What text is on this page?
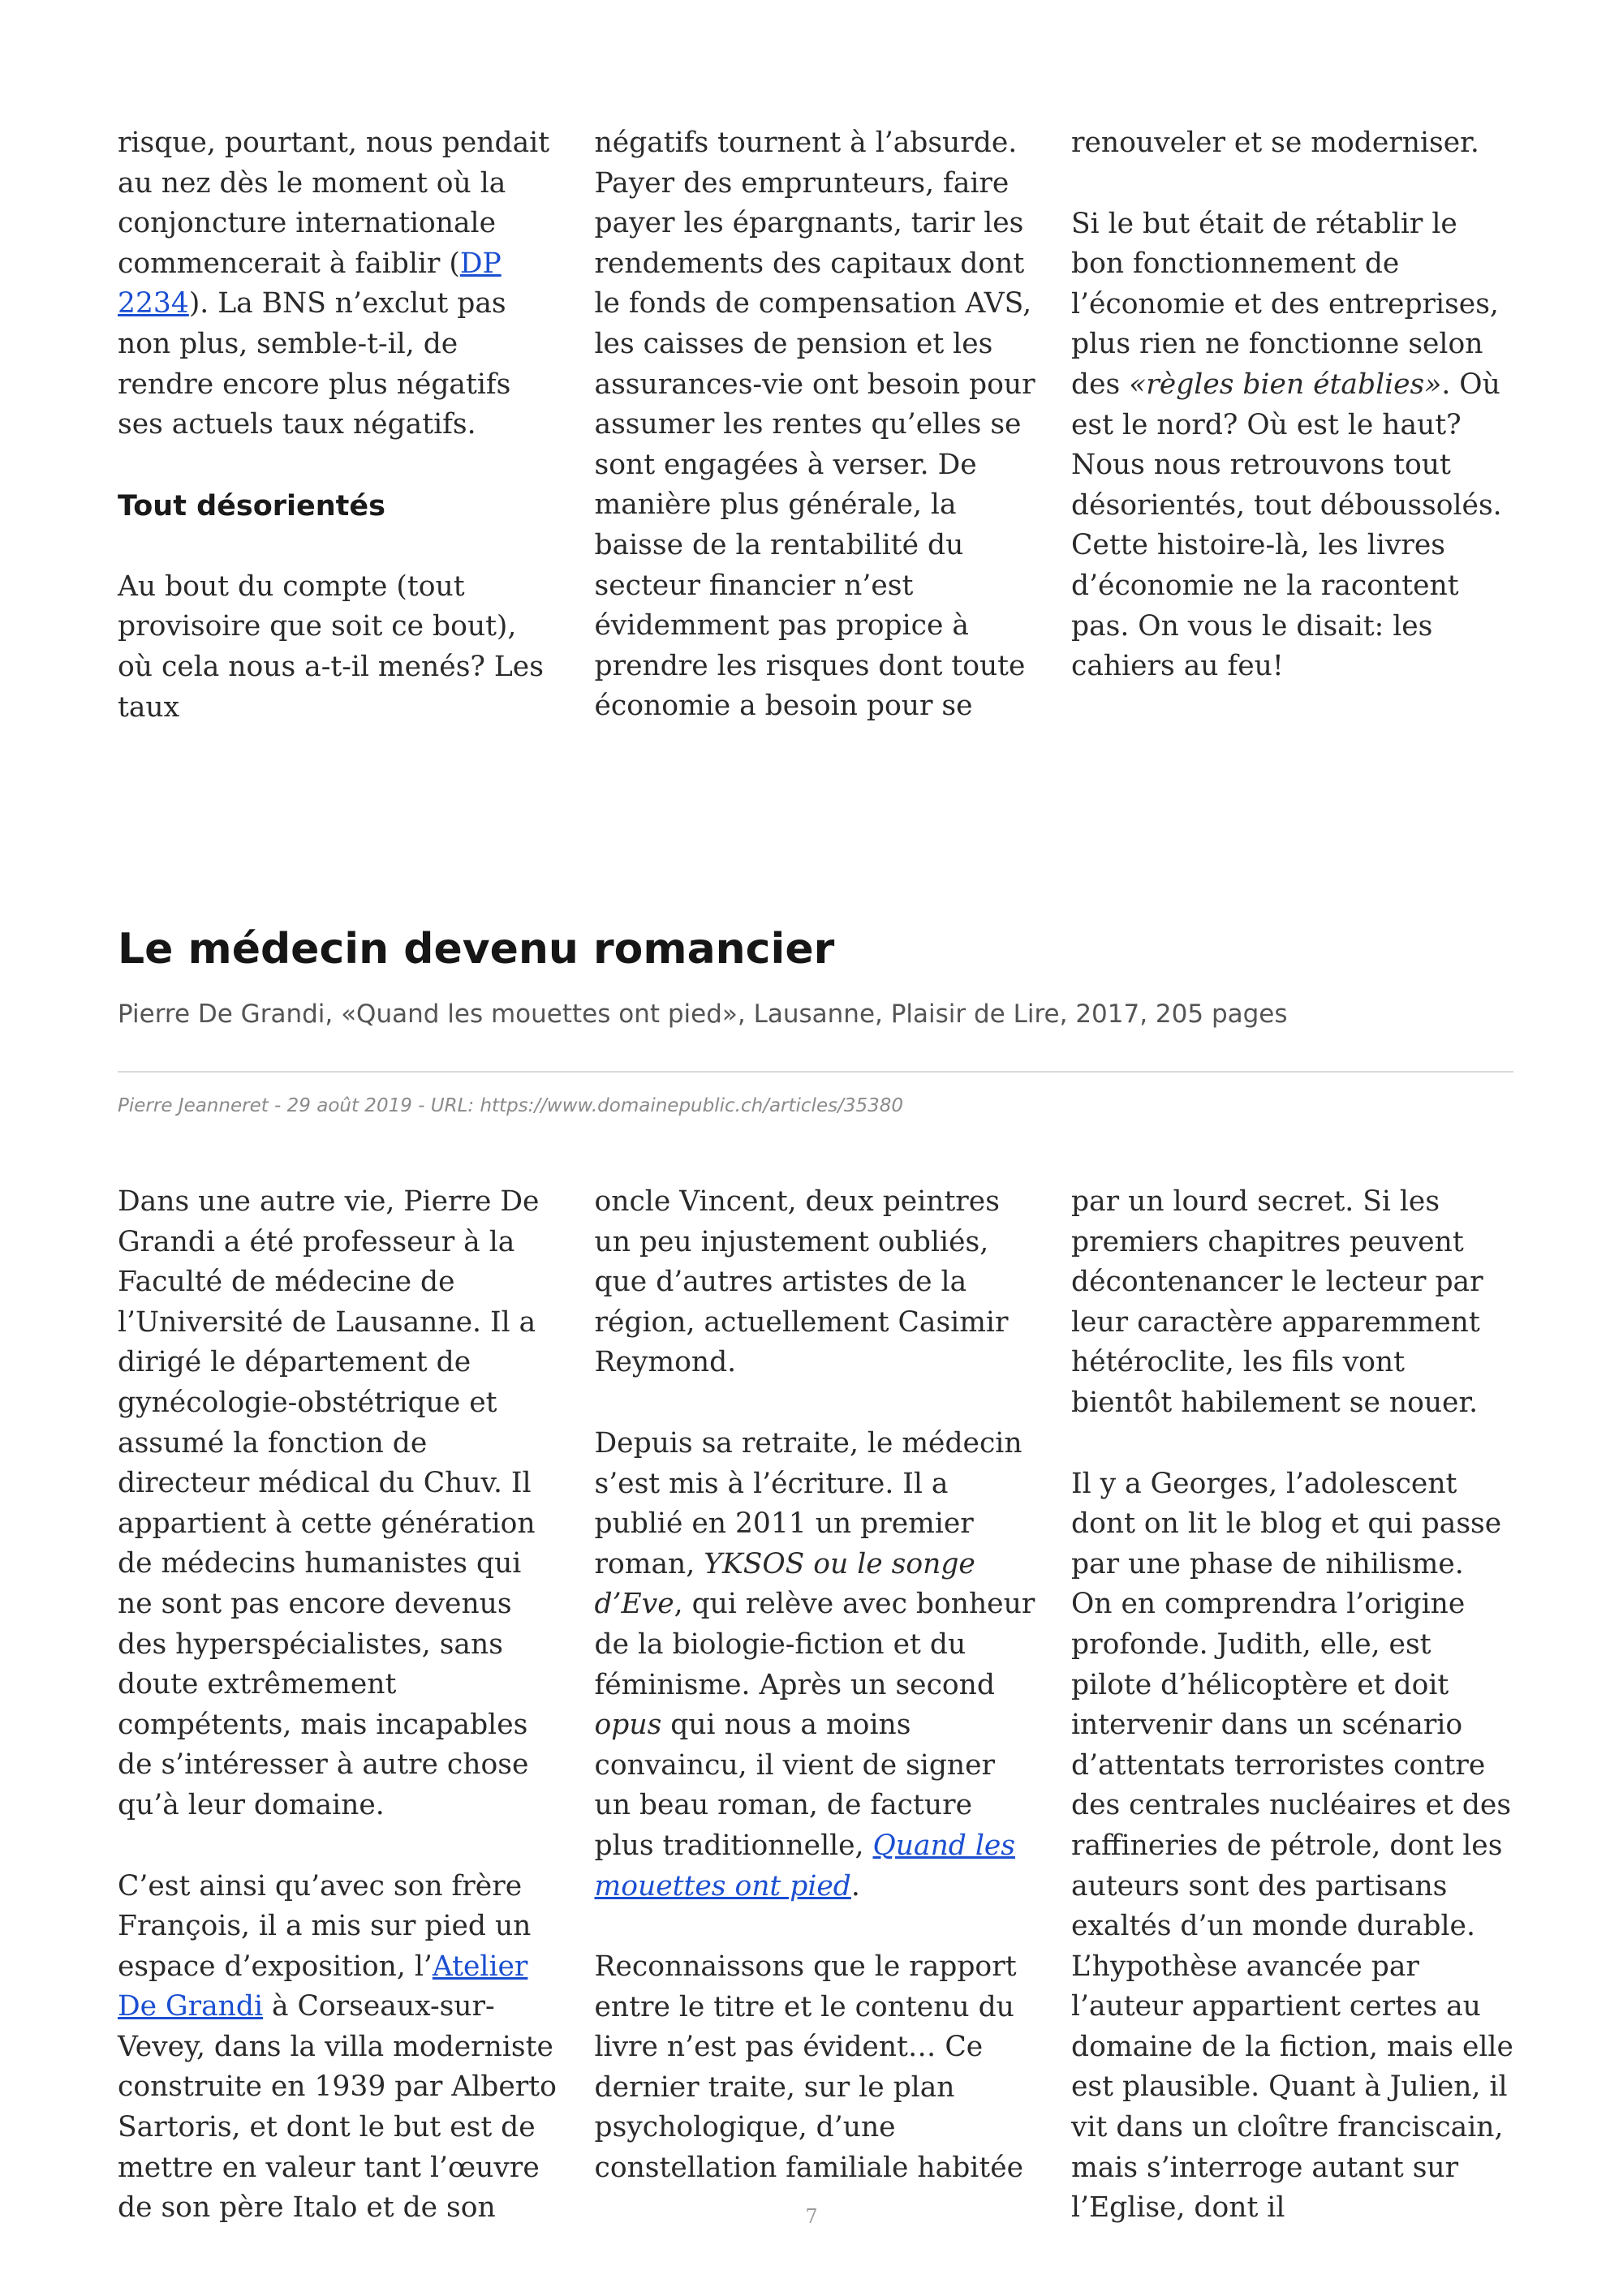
risque, pourtant, nous pendait au nez dès le moment où la conjoncture internationale commencerait à faiblir (DP 2234). La BNS n’exclut pas non plus, semble-t-il, de rendre encore plus négatifs ses actuels taux négatifs.

Tout désorientés

Au bout du compte (tout provisoire que soit ce bout), où cela nous a-t-il menés? Les taux

négatifs tournent à l’absurde. Payer des emprunteurs, faire payer les épargnants, tarir les rendements des capitaux dont le fonds de compensation AVS, les caisses de pension et les assurances-vie ont besoin pour assumer les rentes qu’elles se sont engagées à verser. De manière plus générale, la baisse de la rentabilité du secteur financier n’est évidemment pas propice à prendre les risques dont toute économie a besoin pour se

renouveler et se moderniser.

Si le but était de rétablir le bon fonctionnement de l’économie et des entreprises, plus rien ne fonctionne selon des «règles bien établies». Où est le nord? Où est le haut? Nous nous retrouvons tout désorientés, tout déboussolés. Cette histoire-là, les livres d’économie ne la racontent pas. On vous le disait: les cahiers au feu!

Le médecin devenu romancier
Pierre De Grandi, «Quand les mouettes ont pied», Lausanne, Plaisir de Lire, 2017, 205 pages
Pierre Jeanneret - 29 août 2019 - URL: https://www.domainepublic.ch/articles/35380

Dans une autre vie, Pierre De Grandi a été professeur à la Faculté de médecine de l’Université de Lausanne. Il a dirigé le département de gynécologie-obstétrique et assumé la fonction de directeur médical du Chuv. Il appartient à cette génération de médecins humanistes qui ne sont pas encore devenus des hyperspécialistes, sans doute extrêmement compétents, mais incapables de s’intéresser à autre chose qu’à leur domaine.

C’est ainsi qu’avec son frère François, il a mis sur pied un espace d’exposition, l’Atelier De Grandi à Corseaux-sur-Vevey, dans la villa moderniste construite en 1939 par Alberto Sartoris, et dont le but est de mettre en valeur tant l’œuvre de son père Italo et de son

oncle Vincent, deux peintres un peu injustement oubliés, que d’autres artistes de la région, actuellement Casimir Reymond.

Depuis sa retraite, le médecin s’est mis à l’écriture. Il a publié en 2011 un premier roman, YKSOS ou le songe d’Eve, qui relève avec bonheur de la biologie-fiction et du féminisme. Après un second opus qui nous a moins convaincu, il vient de signer un beau roman, de facture plus traditionnelle, Quand les mouettes ont pied.

Reconnaissons que le rapport entre le titre et le contenu du livre n’est pas évident… Ce dernier traite, sur le plan psychologique, d’une constellation familiale habitée

par un lourd secret. Si les premiers chapitres peuvent décontenancer le lecteur par leur caractère apparemment hétéroclite, les fils vont bientôt habilement se nouer.

Il y a Georges, l’adolescent dont on lit le blog et qui passe par une phase de nihilisme. On en comprendra l’origine profonde. Judith, elle, est pilote d’hélicoptère et doit intervenir dans un scénario d’attentats terroristes contre des centrales nucléaires et des raffineries de pétrole, dont les auteurs sont des partisans exaltés d’un monde durable. L’hypothèse avancée par l’auteur appartient certes au domaine de la fiction, mais elle est plausible. Quant à Julien, il vit dans un cloître franciscain, mais s’interroge autant sur l’Eglise, dont il

7
